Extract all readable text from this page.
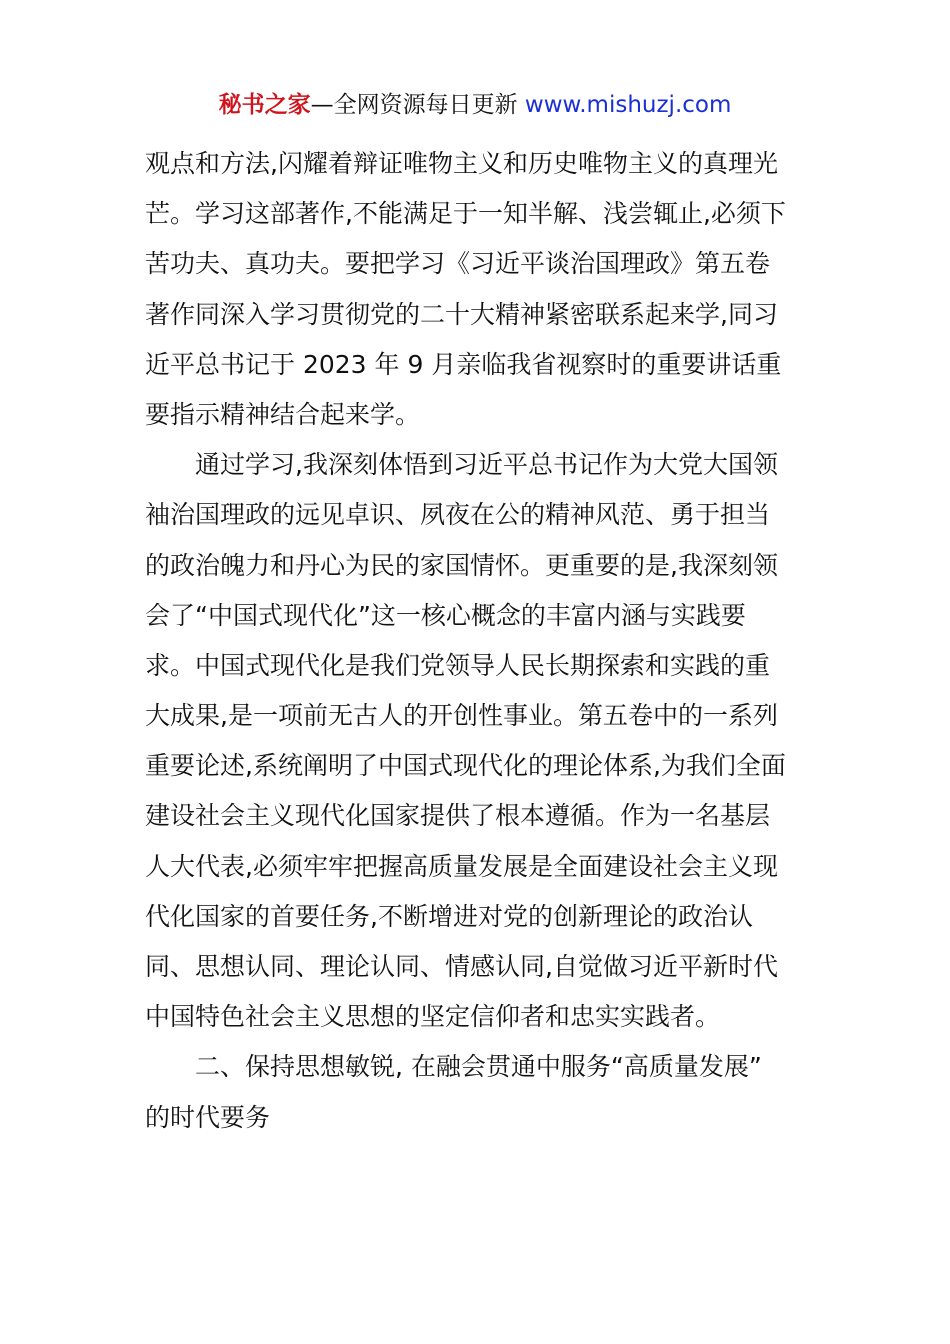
秘书之家—全网资源每日更新 www.mishuzj.com
观点和方法,闪耀着辩证唯物主义和历史唯物主义的真理光
芒。学习这部著作,不能满足于一知半解、浅尝辄止,必须下
苦功夫、真功夫。要把学习《习近平谈治国理政》第五卷
著作同深入学习贯彻党的二十大精神紧密联系起来学,同习
近平总书记于 2023 年 9 月亲临我省视察时的重要讲话重
要指示精神结合起来学。
通过学习,我深刻体悟到习近平总书记作为大党大国领
袖治国理政的远见卓识、夙夜在公的精神风范、勇于担当
的政治魄力和丹心为民的家国情怀。更重要的是,我深刻领
会了“中国式现代化”这一核心概念的丰富内涵与实践要
求。中国式现代化是我们党领导人民长期探索和实践的重
大成果,是一项前无古人的开创性事业。第五卷中的一系列
重要论述,系统阐明了中国式现代化的理论体系,为我们全面
建设社会主义现代化国家提供了根本遵循。作为一名基层
人大代表,必须牢牢把握高质量发展是全面建设社会主义现
代化国家的首要任务,不断增进对党的创新理论的政治认
同、思想认同、理论认同、情感认同,自觉做习近平新时代
中国特色社会主义思想的坚定信仰者和忠实实践者。
二、保持思想敏锐, 在融会贯通中服务“高质量发展”
的时代要务
